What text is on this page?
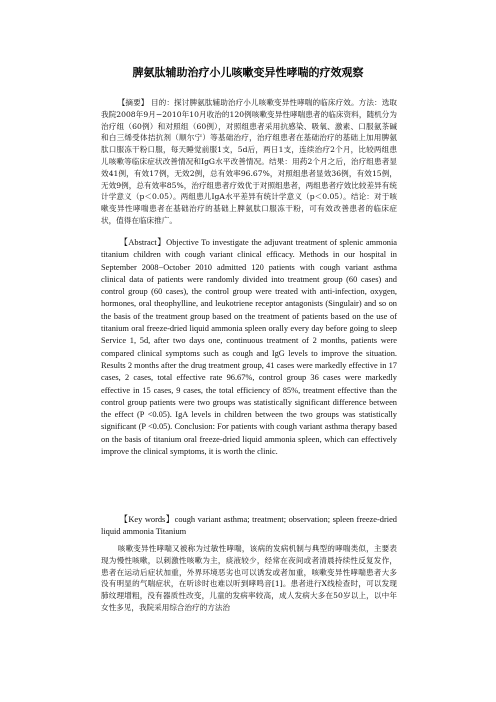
脾氨肽辅助治疗小儿咳嗽变异性哮喘的疗效观察
【摘要】 目的：探讨脾氨肽辅助治疗小儿咳嗽变异性哮喘的临床疗效。方法：选取我院2008年9月−2010年10月收治的120例咳嗽变异性哮喘患者的临床资料，随机分为治疗组（60例）和对照组（60例），对照组患者采用抗感染、吸氧、激素、口服氨茶碱和白三烯受体拮抗剂（顺尔宁）等基础治疗，治疗组患者在基础治疗的基础上加用脾氨肽口服冻干粉口服，每天睡觉前服1支，5d后，两日1支，连续治疗2个月，比较两组患儿咳嗽等临床症状改善情况和IgG水平改善情况。结果：用药2个月之后，治疗组患者显效41例，有效17例，无效2例，总有效率96.67%，对照组患者显效36例，有效15例，无效9例，总有效率85%，治疗组患者疗效优于对照组患者，两组患者疗效比较差异有统计学意义（p＜0.05）。两组患儿IgA水平差异有统计学意义（p＜0.05）。结论：对于咳嗽变异性哮喘患者在基础治疗的基础上脾氨肽口服冻干粉，可有效改善患者的临床症状，值得在临床推广。
【Abstract】Objective To investigate the adjuvant treatment of splenic ammonia titanium children with cough variant clinical efficacy. Methods in our hospital in September 2008−October 2010 admitted 120 patients with cough variant asthma clinical data of patients were randomly divided into treatment group (60 cases) and control group (60 cases), the control group were treated with anti-infection, oxygen, hormones, oral theophylline, and leukotriene receptor antagonists (Singulair) and so on the basis of the treatment group based on the treatment of patients based on the use of titanium oral freeze-dried liquid ammonia spleen orally every day before going to sleep Service 1, 5d, after two days one, continuous treatment of 2 months, patients were compared clinical symptoms such as cough and IgG levels to improve the situation. Results 2 months after the drug treatment group, 41 cases were markedly effective in 17 cases, 2 cases, total effective rate 96.67%, control group 36 cases were markedly effective in 15 cases, 9 cases, the total efficiency of 85%, treatment effective than the control group patients were two groups was statistically significant difference between the effect (P <0.05). IgA levels in children between the two groups was statistically significant (P <0.05). Conclusion: For patients with cough variant asthma therapy based on the basis of titanium oral freeze-dried liquid ammonia spleen, which can effectively improve the clinical symptoms, it is worth the clinic.
【Key words】cough variant asthma; treatment; observation; spleen freeze-dried liquid ammonia Titanium
咳嗽变异性哮喘又被称为过敏性哮喘，该病的发病机制与典型的哮喘类似，主要表现为慢性咳嗽，以刺激性咳嗽为主，痰液较少，经常在夜间或者清晨持续性反复发作，患者在运动后症状加重，外界环境恶劣也可以诱发或者加重，咳嗽变异性哮喘患者大多没有明显的气喘症状，在听诊时也难以听到哮鸣音[1]。患者进行X线检查时，可以发现肺纹理增粗，没有器质性改变，儿童的发病率较高，成人发病大多在50岁以上，以中年女性多见，我院采用综合治疗的方法治
